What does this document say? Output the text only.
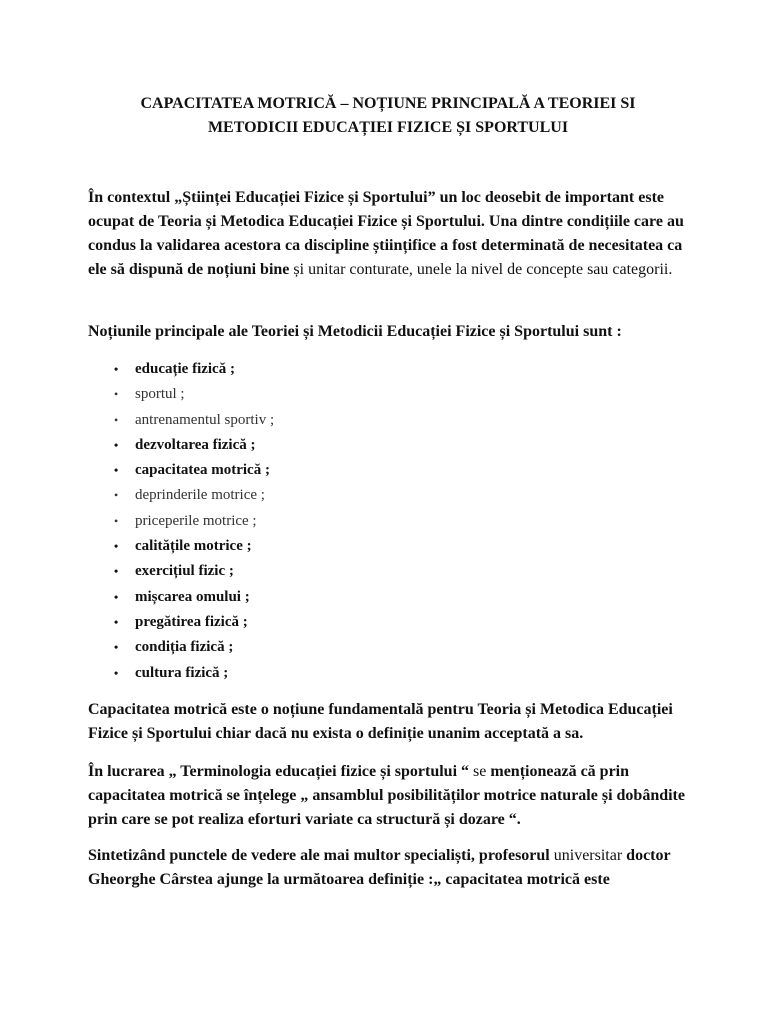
CAPACITATEA MOTRICĂ – NOȚIUNE PRINCIPALĂ A TEORIEI SI
METODICII EDUCAȚIEI FIZICE ȘI SPORTULUI

În contextul „Științei Educației Fizice și Sportului” un loc deosebit de important este ocupat de Teoria și Metodica Educației Fizice și Sportului. Una dintre condițiile care au condus la validarea acestora ca discipline științifice a fost determinată de necesitatea ca ele să dispună de noțiuni bine și unitar conturate, unele la nivel de concepte sau categorii.

Noțiunile principale ale Teoriei și Metodicii Educației Fizice și Sportului sunt :

• educație fizică ;
• sportul ;
• antrenamentul sportiv ;
• dezvoltarea fizică ;
• capacitatea motrică ;
• deprinderile motrice ;
• priceperile motrice ;
• calitățile motrice ;
• exercițiul fizic ;
• mișcarea omului ;
• pregătirea fizică ;
• condiția fizică ;
• cultura fizică ;

Capacitatea motrică este o noțiune fundamentală pentru Teoria și Metodica Educației Fizice și Sportului chiar dacă nu exista o definiție unanim acceptată a sa.

În lucrarea „ Terminologia educației fizice și sportului “ se menționează că prin capacitatea motrică se înțelege „ ansamblul posibilităților motrice naturale și dobândite prin care se pot realiza eforturi variate ca structură și dozare “.

Sintetizând punctele de vedere ale mai multor specialiști, profesorul universitar doctor Gheorghe Cârstea ajunge la următoarea definiție :„ capacitatea motrică este
